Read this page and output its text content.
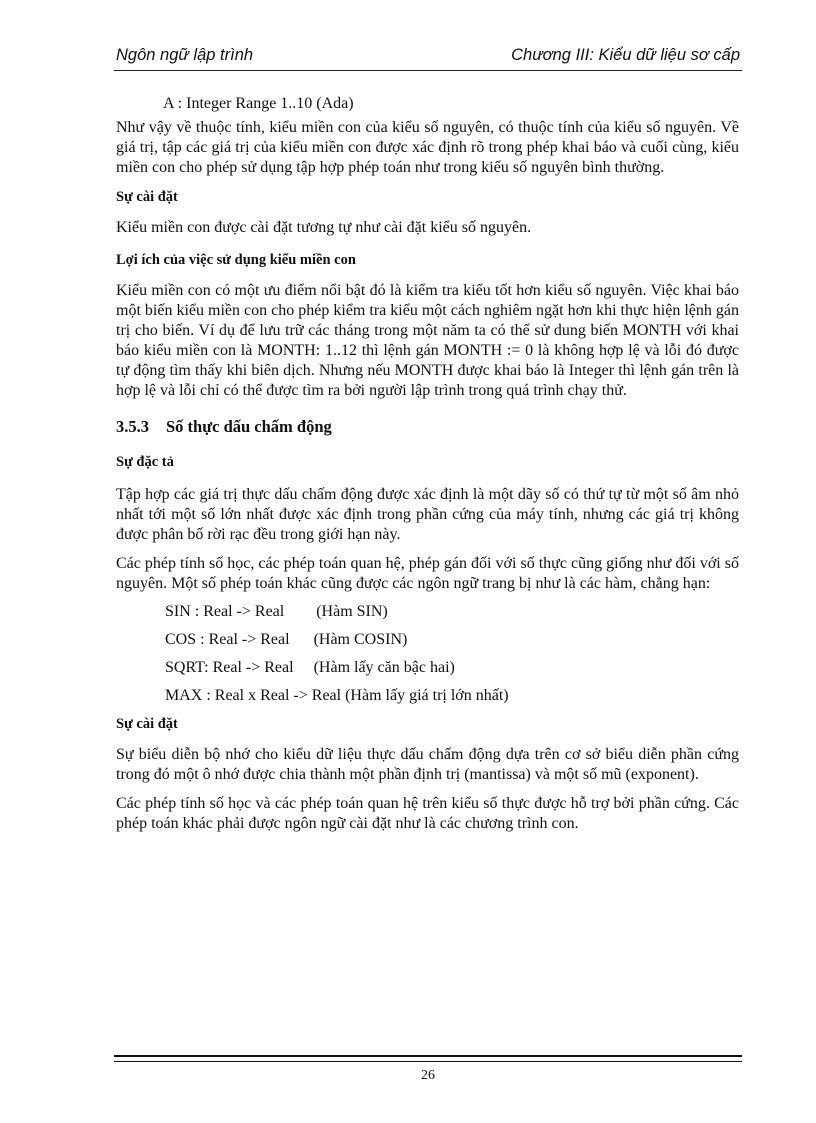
Ngôn ngữ lập trình	Chương III: Kiểu dữ liệu sơ cấp

A : Integer Range 1..10 (Ada)

Như vậy về thuộc tính, kiểu miền con của kiểu số nguyên, có thuộc tính của kiểu số nguyên. Về giá trị, tập các giá trị của kiểu miền con được xác định rõ trong phép khai báo và cuối cùng, kiểu miền con cho phép sử dụng tập hợp phép toán như trong kiểu số nguyên bình thường.

Sự cài đặt

Kiểu miền con được cài đặt tương tự như cài đặt kiểu số nguyên.

Lợi ích của việc sử dụng kiểu miền con

Kiểu miền con có một ưu điểm nổi bật đó là kiểm tra kiểu tốt hơn kiểu số nguyên. Việc khai báo một biến kiểu miền con cho phép kiểm tra kiểu một cách nghiêm ngặt hơn khi thực hiện lệnh gán trị cho biến. Ví dụ để lưu trữ các tháng trong một năm ta có thể sử dung biến MONTH với khai báo kiểu miền con là MONTH: 1..12 thì lệnh gán MONTH := 0 là không hợp lệ và lỗi đó được tự động tìm thấy khi biên dịch. Nhưng nếu MONTH được khai báo là Integer thì lệnh gán trên là hợp lệ và lỗi chỉ có thể được tìm ra bởi người lập trình trong quá trình chạy thử.

3.5.3 Số thực dấu chấm động

Sự đặc tả

Tập hợp các giá trị thực dấu chấm động được xác định là một dãy số có thứ tự từ một số âm nhỏ nhất tới một số lớn nhất được xác định trong phần cứng của máy tính, nhưng các giá trị không được phân bố rời rạc đều trong giới hạn này.

Các phép tính số học, các phép toán quan hệ, phép gán đối với số thực cũng giống như đối với số nguyên. Một số phép toán khác cũng được các ngôn ngữ trang bị như là các hàm, chẳng hạn:

SIN : Real -> Real        (Hàm SIN)
COS : Real -> Real      (Hàm COSIN)
SQRT: Real -> Real     (Hàm lấy căn bậc hai)
MAX : Real x Real -> Real (Hàm lấy giá trị lớn nhất)

Sự cài đặt

Sự biểu diễn bộ nhớ cho kiểu dữ liệu thực dấu chấm động dựa trên cơ sở biểu diễn phần cứng trong đó một ô nhớ được chia thành một phần định trị (mantissa) và một số mũ (exponent).

Các phép tính số học và các phép toán quan hệ trên kiểu số thực được hỗ trợ bởi phần cứng. Các phép toán khác phải được ngôn ngữ cài đặt như là các chương trình con.

26
